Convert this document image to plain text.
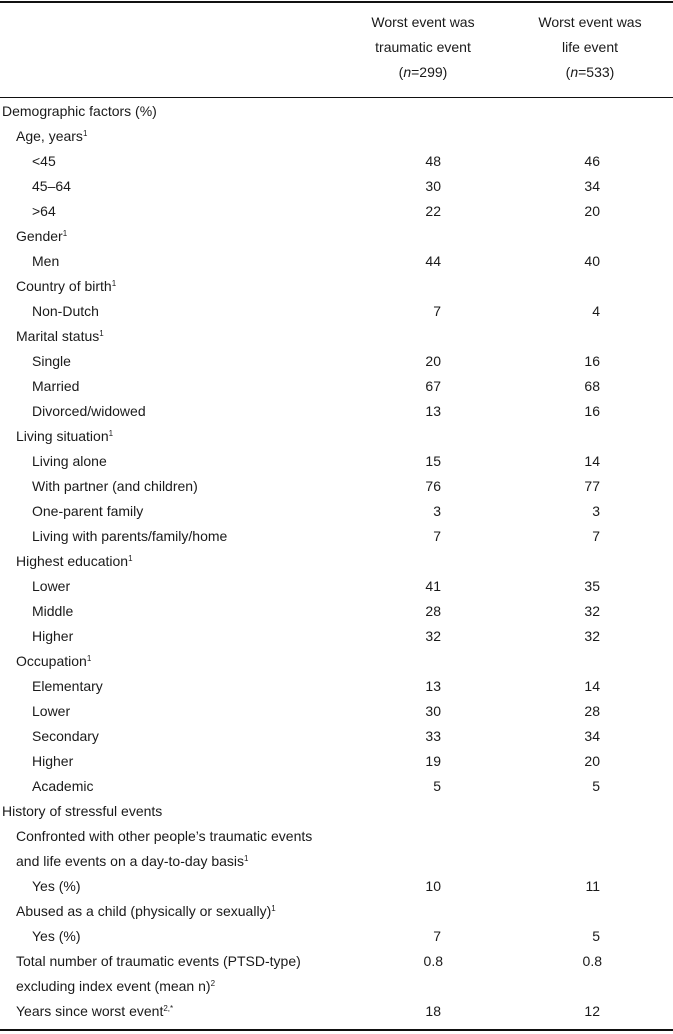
Worst event was
traumatic event
(n=299)
Worst event was
life event
(n=533)
Demographic factors (%)
Age, years$^1$
<45	48	46
45–64	30	34
>64	22	20
Gender$^1$
Men	44	40
Country of birth$^1$
Non-Dutch	7	4
Marital status$^1$
Single	20	16
Married	67	68
Divorced/widowed	13	16
Living situation$^1$
Living alone	15	14
With partner (and children)	76	77
One-parent family	3	3
Living with parents/family/home	7	7
Highest education$^1$
Lower	41	35
Middle	28	32
Higher	32	32
Occupation$^1$
Elementary	13	14
Lower	30	28
Secondary	33	34
Higher	19	20
Academic	5	5
History of stressful events
Confronted with other people’s traumatic events
and life events on a day-to-day basis$^1$
Yes (%)	10	11
Abused as a child (physically or sexually)$^1$
Yes (%)	7	5
Total number of traumatic events (PTSD-type)	0.8	0.8
excluding index event (mean n)$^2$
Years since worst event$^{2,*}$	18	12
